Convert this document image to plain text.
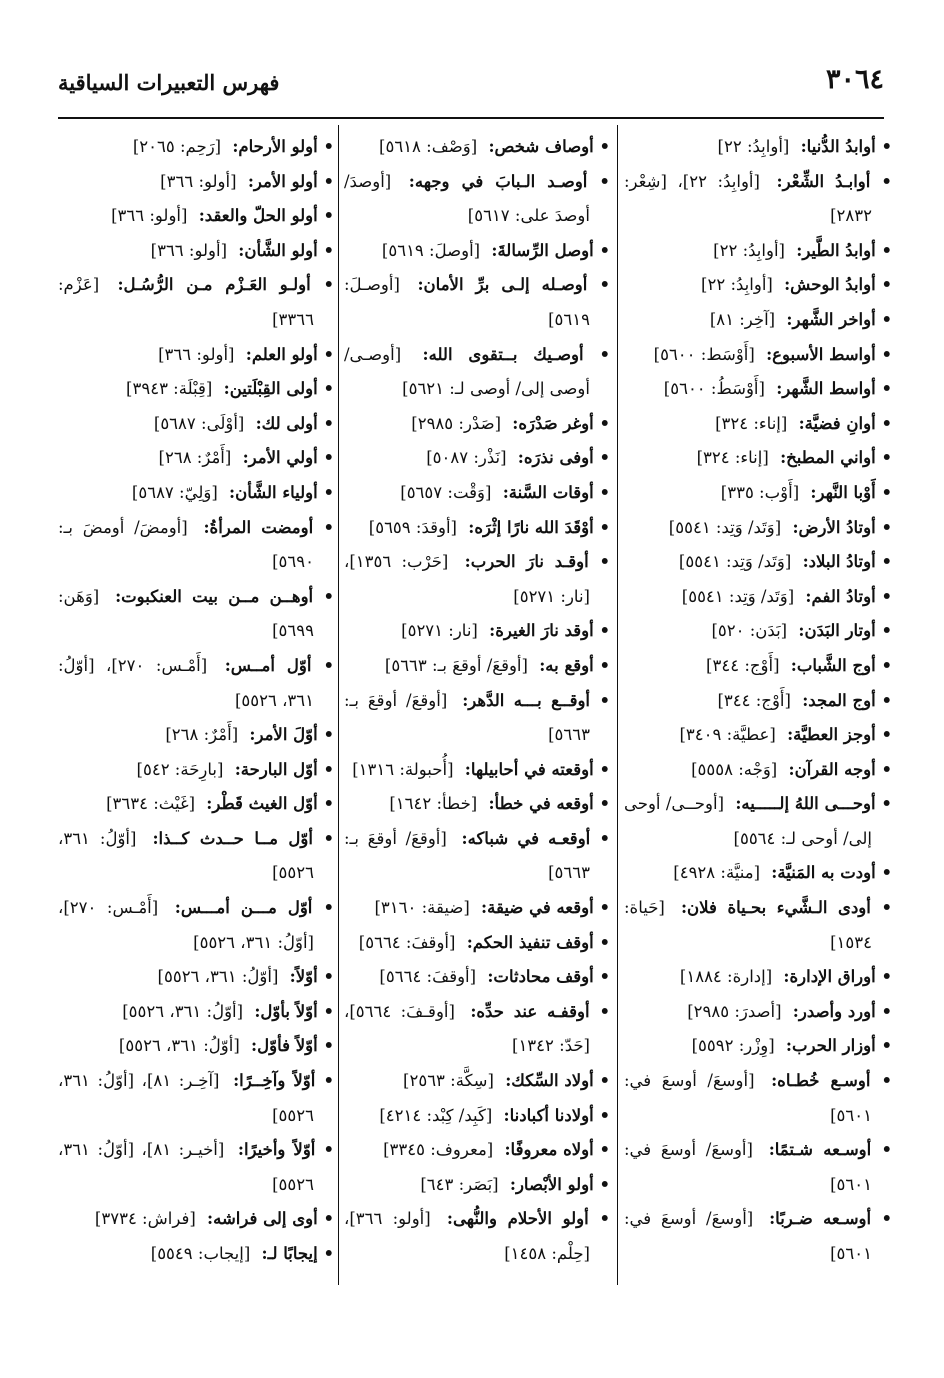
٣٠٦٤
فهرس التعبيرات السياقية

• أوابدُ الدُّنيا: [أوابِدُ: ٢٢]

• أوابـدُ الشِّعْر: [أوابِدُ: ٢٢]، [شِعْر: ٢٨٣٢]

• أوابدُ الطَّير: [أوابِدُ: ٢٢]

• أوابدُ الوحش: [أوابِدُ: ٢٢]

• أواخر الشَّهر: [آخِر: ٨١]

• أواسط الأسبوع: [أَوْسَط: ٥٦٠٠]

• أواسط الشَّهر: [أَوْسَطُ: ٥٦٠٠]

• أوانِ فضيَّة: [إناء: ٣٢٤]

• أواني المطبخ: [إناء: ٣٢٤]

• أَوْبا النَّهر: [أَوْب: ٣٣٥]

• أوتادُ الأرض: [وَتَد/ وَتِد: ٥٥٤١]

• أوتادُ البلاد: [وَتَد/ وَتِد: ٥٥٤١]

• أوتادُ الفم: [وَتَد/ وَتِد: ٥٥٤١]

• أوتار البَدَن: [بَدَن: ٥٢٠]

• أوج الشَّباب: [أَوْج: ٣٤٤]

• أوج المجد: [أَوْج: ٣٤٤]

• أوجز العطيَّة: [عطيَّة: ٣٤٠٩]

• أوجه القرآن: [وَجْه: ٥٥٥٨]

• أوحـــى اللهُ إلـــــيه: [أوحــى/ أوحى إلى/ أوحى لـ: ٥٥٦٤]

• أودت به المَنيَّة: [منيَّة: ٤٩٢٨]

• أودى الـشَّيء بحـياة فلان: [حَياة: ١٥٣٤]

• أوراق الإدارة: [إدارة: ١٨٨٤]

• أورد وأصدر: [أصدرَ: ٢٩٨٥]

• أوزار الحرب: [وِزْر: ٥٥٩٢]

• أوسـع خُطـاه: [أوسعَ/ أوسعَ في: ٥٦٠١]

• أوسـعه شـتمًا: [أوسعَ/ أوسعَ في: ٥٦٠١]

• أوسـعه ضـربًا: [أوسعَ/ أوسعَ في: ٥٦٠١]

• أوصاف شخص: [وَصْف: ٥٦١٨]

• أوصـد الـبابَ في وجهه: [أوصدَ/ أوصدَ على: ٥٦١٧]

• أوصل الرِّسالةَ: [أوصلَ: ٥٦١٩]

• أوصـله إلـى برِّ الأمان: [أوصـلَ: ٥٦١٩]

• أوصـيك بــتقوى الله: [أوصـى/ أوصى إلى/ أوصى لـ: ٥٦٢١]

• أوغر صَدْرَه: [صَدْر: ٢٩٨٥]

• أوفى نذرَه: [نَذْر: ٥٠٨٧]

• أوقات السَّنة: [وَقْت: ٥٦٥٧]

• أوْقَدَ الله نارًا إثْرَه: [أوقدَ: ٥٦٥٩]

• أوقـد نارَ الحرب: [حَرْب: ١٣٥٦]، [نار: ٥٢٧١]

• أوقد نارَ الغيرة: [نار: ٥٢٧١]

• أوقع به: [أوقعَ/ أوقعَ بـ: ٥٦٦٣]

• أوقــع بـــه الدَّهر: [أوقعَ/ أوقعَ بـ: ٥٦٦٣]

• أوقعته في أحابيلها: [أُحبولة: ١٣١٦]

• أوقعه في خطأ: [خطأ: ١٦٤٢]

• أوقعـه في شباكه: [أوقعَ/ أوقعَ بـ: ٥٦٦٣]

• أوقعه في ضيقة: [ضيقة: ٣١٦٠]

• أوقف تنفيذ الحكم: [أوقفَ: ٥٦٦٤]

• أوقف محادثات: [أوقفَ: ٥٦٦٤]

• أوقفـه عند حدِّه: [أوقـفَ: ٥٦٦٤]، [حَدّ: ١٣٤٢]

• أولاد السِّكك: [سِكَّة: ٢٥٦٣]

• أولادنا أكبادنا: [كَبِد/ كِبْد: ٤٢١٤]

• أولاه معروفًا: [معروف: ٣٣٤٥]

• أولو الأبْصار: [بَصَر: ٦٤٣]

• أولو الأحلام والنُّهى: [أولو: ٣٦٦]، [حِلْم: ١٤٥٨]

• أولو الأرحام: [رَحِم: ٢٠٦٥]

• أولو الأمر: [أولو: ٣٦٦]

• أولو الحلّ والعقد: [أولو: ٣٦٦]

• أولو الشَّأن: [أولو: ٣٦٦]

• أولـو العَـزْم مـن الرُّسُـل: [عَزْم: ٣٣٦٦]

• أولو العلم: [أولو: ٣٦٦]

• أولى القِبْلَتين: [قِبْلَة: ٣٩٤٣]

• أولى لك: [أوْلَى: ٥٦٨٧]

• أولي الأمر: [أَمْرٌ: ٢٦٨]

• أولياء الشَّأن: [وَلِيّ: ٥٦٨٧]

• أومضت المرأةُ: [أومضَ/ أومضَ بـ: ٥٦٩٠]

• أوهــن مــن بيت العنكبوت: [وَهَن: ٥٦٩٩]

• أوّل أمــس: [أَمْـس: ٢٧٠]، [أوّلُ: ٣٦١، ٥٥٢٦]

• أوّلَ الأمر: [أَمْرٌ: ٢٦٨]

• أوّل البارحة: [بارِحَة: ٥٤٢]

• أوّل الغيث قَطْر: [غَيْث: ٣٦٣٤]

• أوّل مــا حــدث كــذا: [أوّلُ: ٣٦١، ٥٥٢٦]

• أوّل مـــن أمـــس: [أَمْـس: ٢٧٠]، [أوّلُ: ٣٦١، ٥٥٢٦]

• أوّلاً: [أوّلُ: ٣٦١، ٥٥٢٦]

• أوّلاً بأوّل: [أوّلُ: ٣٦١، ٥٥٢٦]

• أوّلاً فأوّل: [أوّلُ: ٣٦١، ٥٥٢٦]

• أوّلاً وآخِــرًا: [آخِـر: ٨١]، [أوّلُ: ٣٦١، ٥٥٢٦]

• أوّلاً وأخيرًا: [أخيـر: ٨١]، [أوّلُ: ٣٦١، ٥٥٢٦]

• أوى إلى فراشه: [فراش: ٣٧٣٤]

• إيجابًا لـ: [إيجاب: ٥٥٤٩]
